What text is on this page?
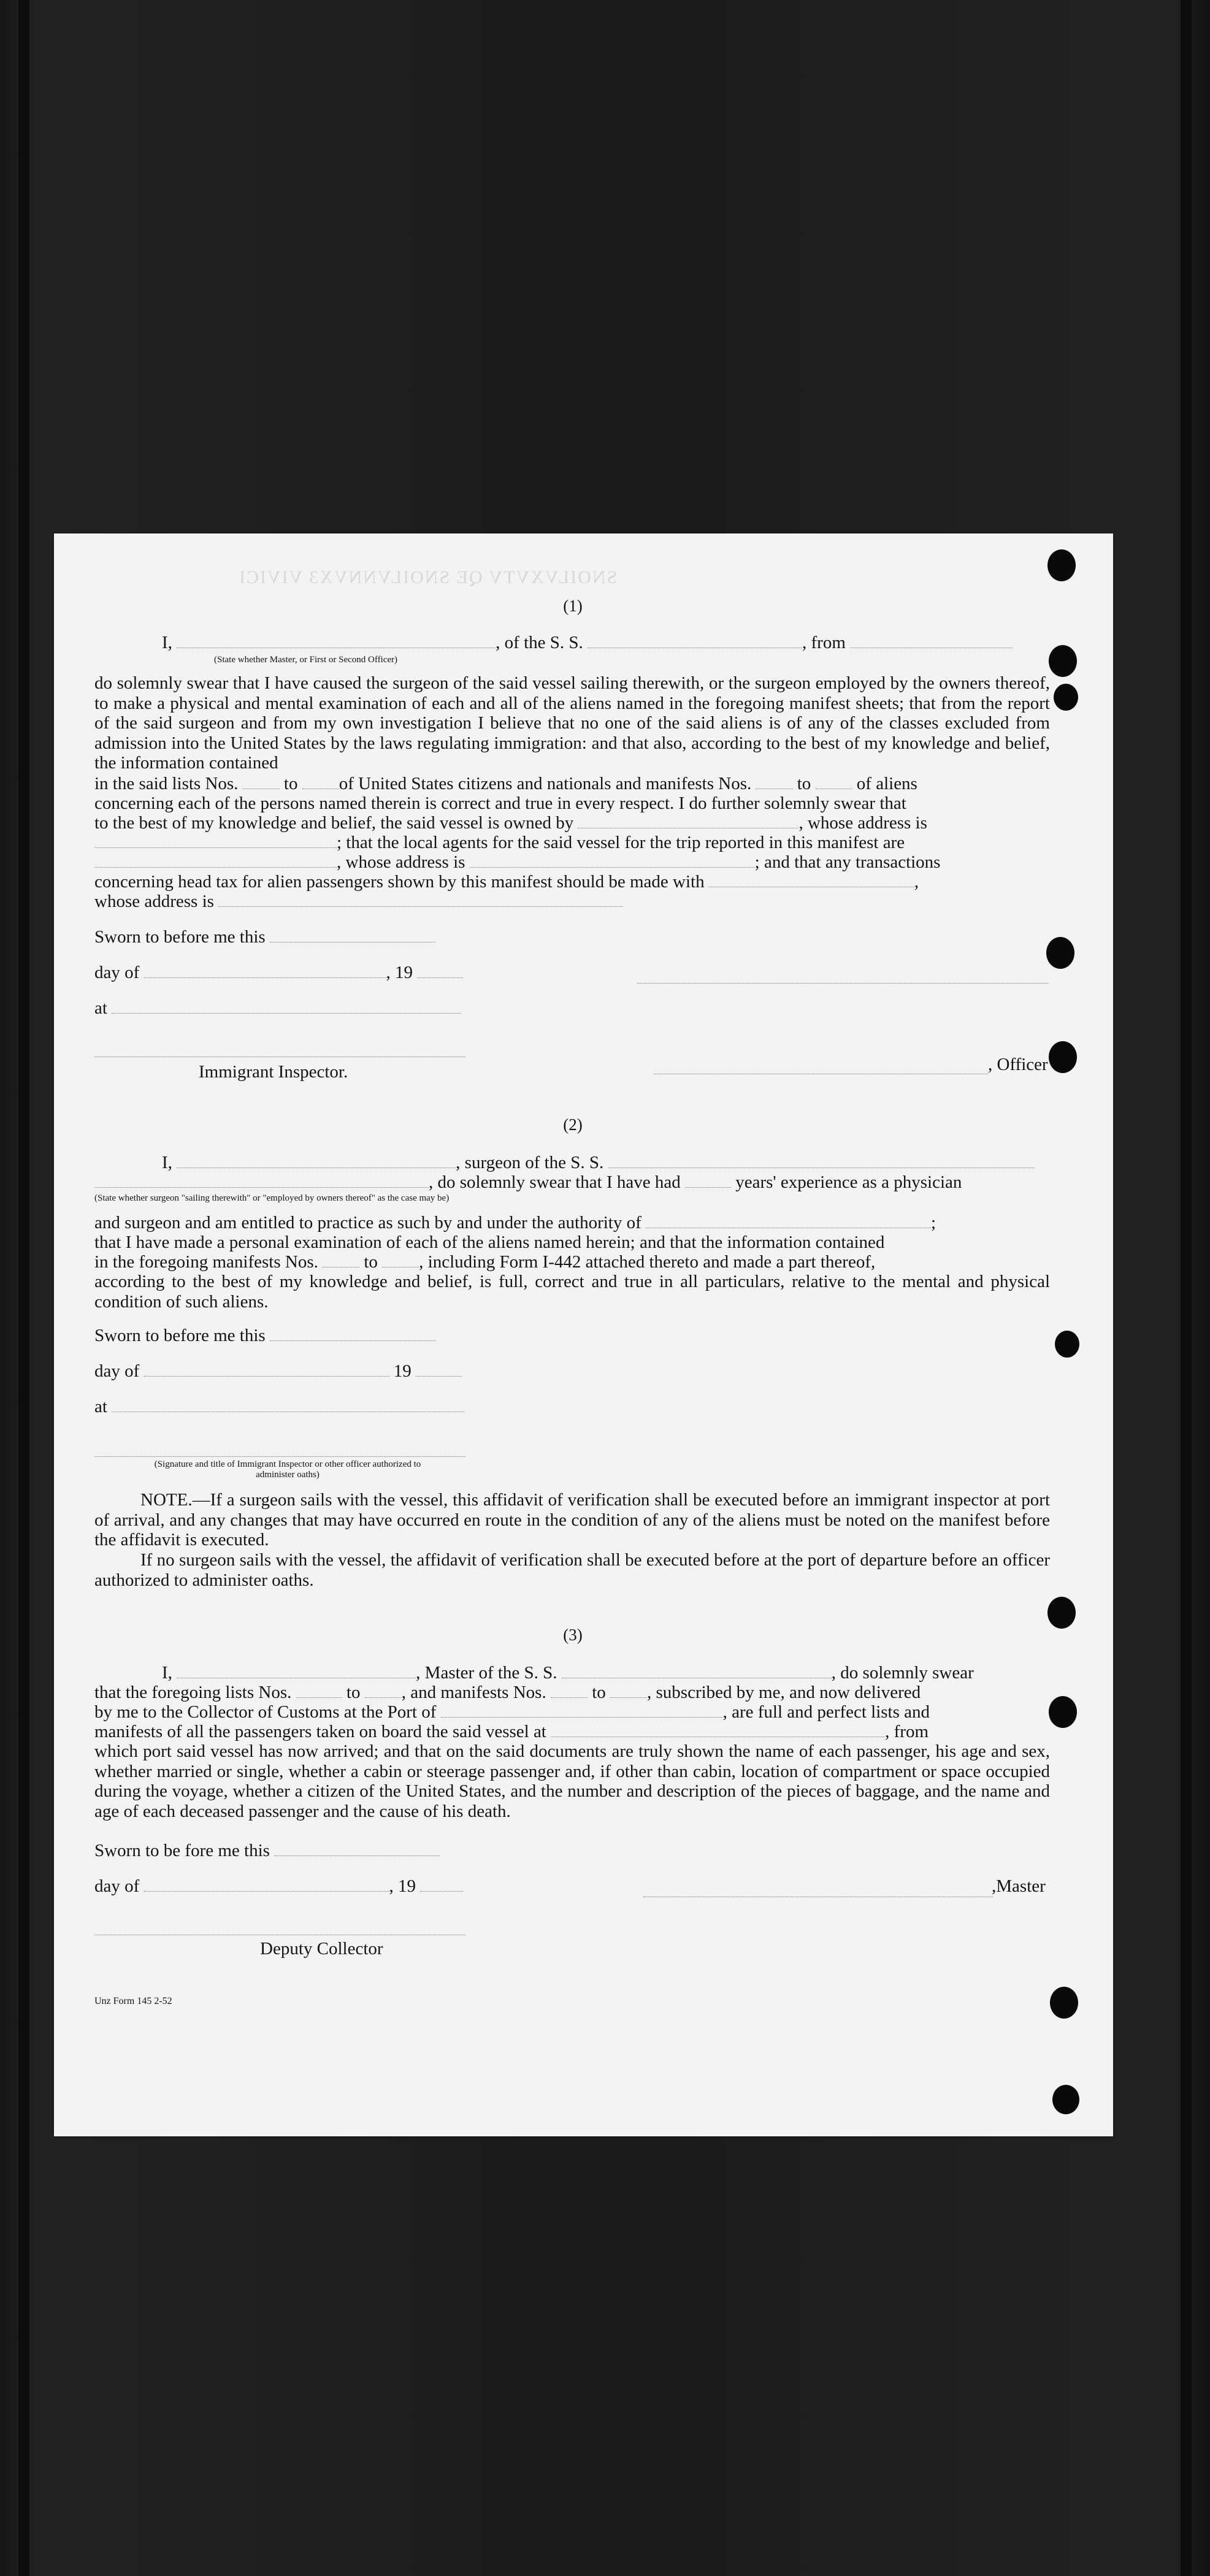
SNOILVXVTV QE SNOILVNNVX3 VIVICI
(1)
I,	, of the S. S.	, from
(State whether Master, or First or Second Officer)
do solemnly swear that I have caused the surgeon of the said vessel sailing therewith, or the surgeon employed by the owners thereof, to make a physical and mental examination of each and all of the aliens named in the foregoing manifest sheets; that from the report of the said surgeon and from my own investigation I believe that no one of the said aliens is of any of the classes excluded from admission into the United States by the laws regulating immigration: and that also, according to the best of my knowledge and belief, the information contained
in the said lists Nos.	to of United States citizens and nationals and manifests Nos.	to	of aliens
concerning each of the persons named therein is correct and true in every respect. I do further solemnly swear that
to the best of my knowledge and belief, the said vessel is owned by	, whose address is
; that the local agents for the said vessel for the trip reported in this manifest are
, whose address is	; and that any transactions
concerning head tax for alien passengers shown by this manifest should be made with	,
whose address is
Sworn to before me this
day of	, 19
at
Immigrant Inspector.	, Officer
(2)
I,	, surgeon of the S. S.
, do solemnly swear that I have had	years' experience as a physician
(State whether surgeon "sailing therewith" or "employed by owners thereof" as the case may be)
and surgeon and am entitled to practice as such by and under the authority of	;
that I have made a personal examination of each of the aliens named herein; and that the information contained
in the foregoing manifests Nos.	to , including Form I-442 attached thereto and made a part thereof,
according to the best of my knowledge and belief, is full, correct and true in all particulars, relative to the mental and physical condition of such aliens.
Sworn to before me this
day of	19
at
(Signature and title of Immigrant Inspector or other officer authorized to administer oaths)
NOTE.—If a surgeon sails with the vessel, this affidavit of verification shall be executed before an immigrant inspector at port of arrival, and any changes that may have occurred en route in the condition of any of the aliens must be noted on the manifest before the affidavit is executed.
If no surgeon sails with the vessel, the affidavit of verification shall be executed before at the port of departure before an officer authorized to administer oaths.
(3)
I,	, Master of the S. S.	, do solemnly swear
that the foregoing lists Nos.	to , and manifests Nos.	to , subscribed by me, and now delivered
by me to the Collector of Customs at the Port of	, are full and perfect lists and
manifests of all the passengers taken on board the said vessel at	, from
which port said vessel has now arrived; and that on the said documents are truly shown the name of each passenger, his age and sex, whether married or single, whether a cabin or steerage passenger and, if other than cabin, location of compartment or space occupied during the voyage, whether a citizen of the United States, and the number and description of the pieces of baggage, and the name and age of each deceased passenger and the cause of his death.
Sworn to be fore me this
day of	, 19	,Master
Deputy Collector
Unz Form 145 2-52
